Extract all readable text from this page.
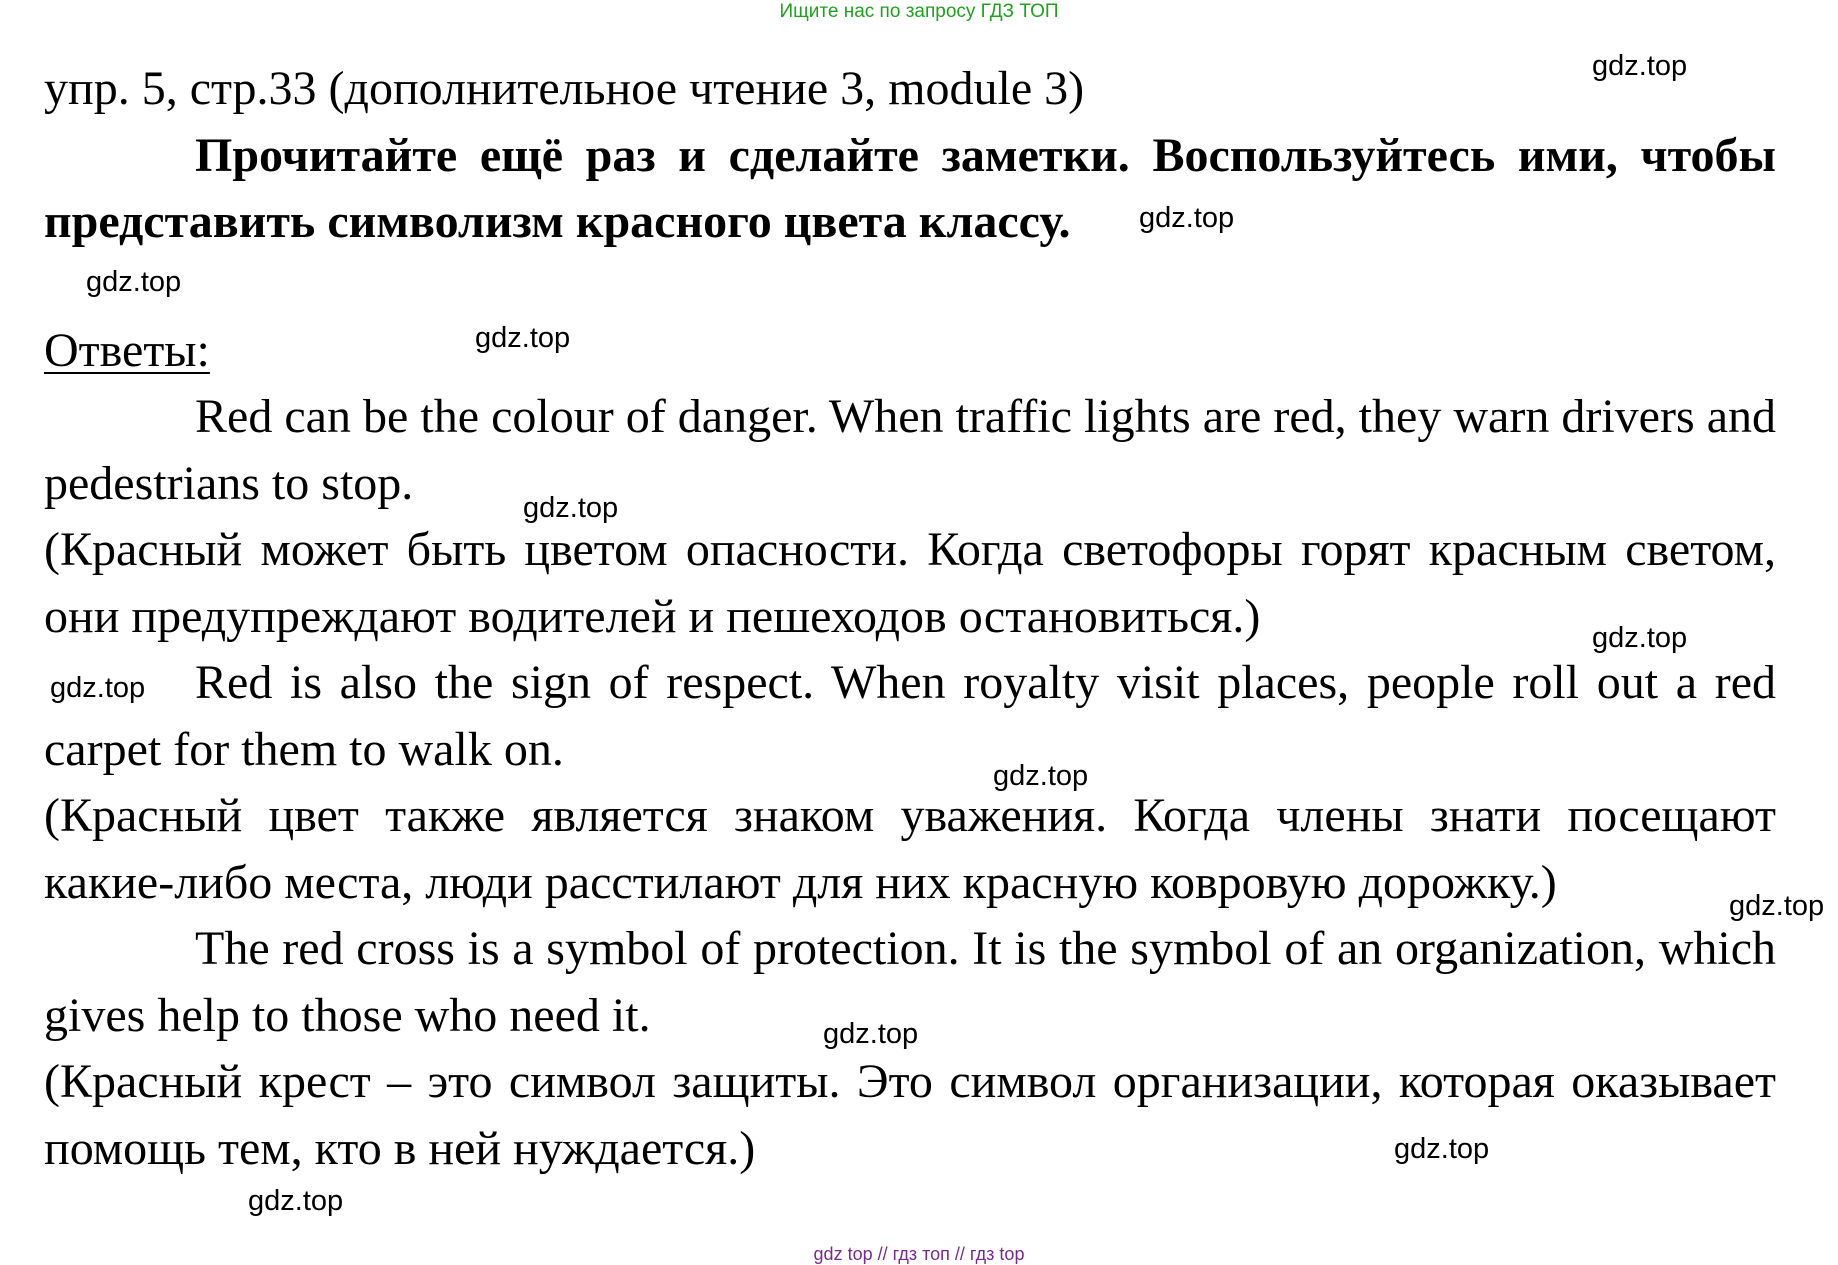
Ищите нас по запросу ГДЗ ТОП

упр. 5, стр.33 (дополнительное чтение 3, module 3)

Прочитайте ещё раз и сделайте заметки. Воспользуйтесь ими, чтобы представить символизм красного цвета классу.

Ответы:

Red can be the colour of danger. When traffic lights are red, they warn drivers and pedestrians to stop.

(Красный может быть цветом опасности. Когда светофоры горят красным светом, они предупреждают водителей и пешеходов остановиться.)

Red is also the sign of respect. When royalty visit places, people roll out a red carpet for them to walk on.

(Красный цвет также является знаком уважения. Когда члены знати посещают какие-либо места, люди расстилают для них красную ковровую дорожку.)

The red cross is a symbol of protection. It is the symbol of an organization, which gives help to those who need it.

(Красный крест – это символ защиты. Это символ организации, которая оказывает помощь тем, кто в ней нуждается.)

gdz.top
gdz.top
gdz.top
gdz.top
gdz.top
gdz.top
gdz.top
gdz.top
gdz.top
gdz.top
gdz.top
gdz.top
gdz top // гдз топ // гдз top
